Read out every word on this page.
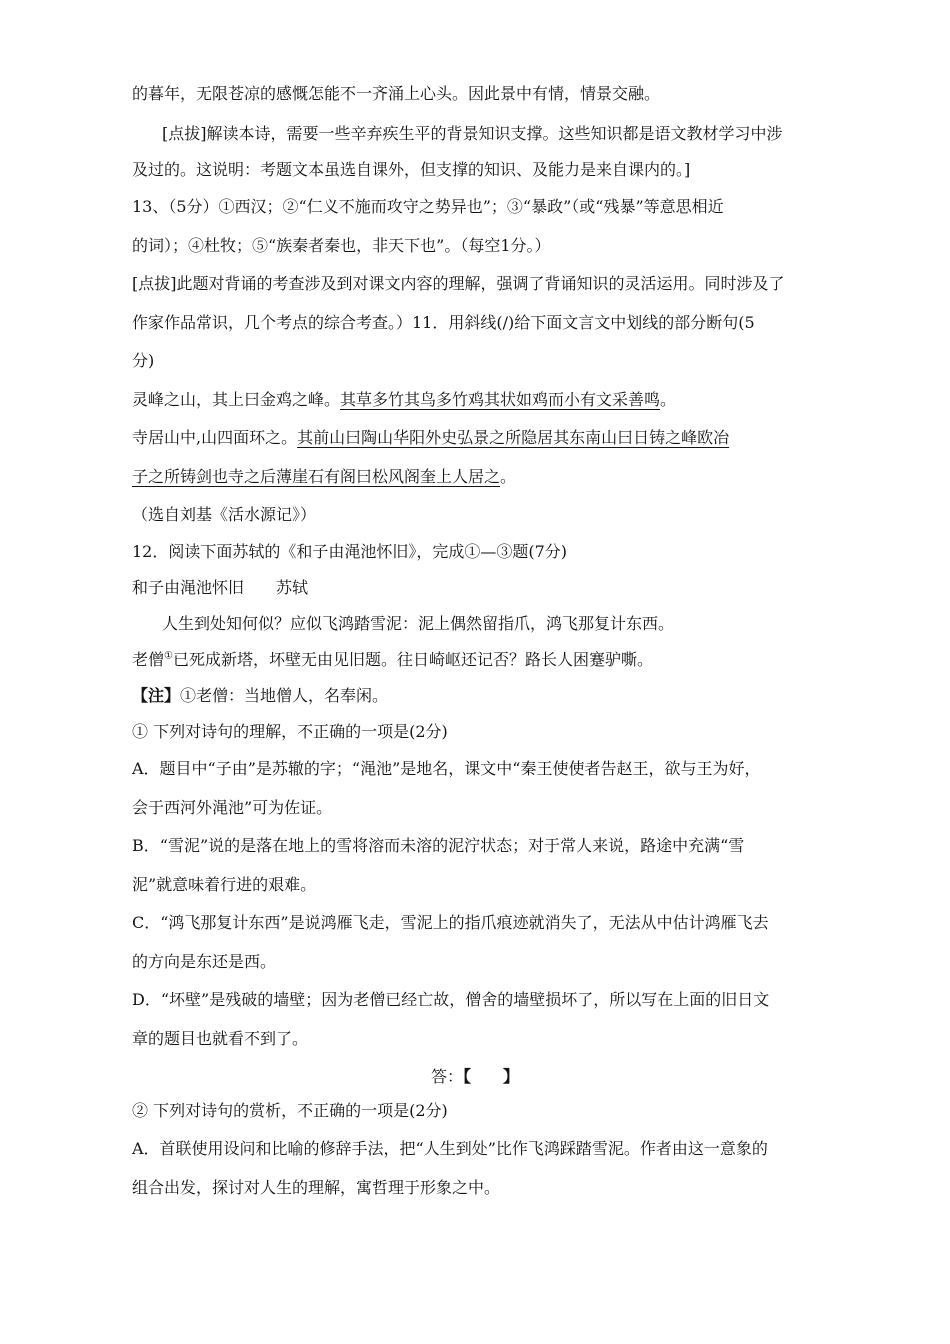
的暮年，无限苍凉的感慨怎能不一齐涌上心头。因此景中有情，情景交融。
[点拔]解读本诗，需要一些辛弃疾生平的背景知识支撑。这些知识都是语文教材学习中涉
及过的。这说明：考题文本虽选自课外，但支撑的知识、及能力是来自课内的。]
13、（5分）①西汉；②“仁义不施而攻守之势异也”；③“暴政”（或“残暴”等意思相近
的词）；④杜牧；⑤“族秦者秦也，非天下也”。（每空1分。）
[点拔]此题对背诵的考查涉及到对课文内容的理解，强调了背诵知识的灵活运用。同时涉及了
作家作品常识，几个考点的综合考查。）11．用斜线(/)给下面文言文中划线的部分断句(5
分)
灵峰之山，其上曰金鸡之峰。其草多竹其鸟多竹鸡其状如鸡而小有文采善鸣。
寺居山中,山四面环之。其前山曰陶山华阳外史弘景之所隐居其东南山曰日铸之峰欧冶
子之所铸剑也寺之后薄崖石有阁曰松风阁奎上人居之。
（选自刘基《活水源记》）
12．阅读下面苏轼的《和子由渑池怀旧》，完成①—③题(7分)
和子由渑池怀旧　　苏轼
人生到处知何似？应似飞鸿踏雪泥：泥上偶然留指爪，鸿飞那复计东西。
老僧①已死成新塔，坏壁无由见旧题。往日崎岖还记否？路长人困蹇驴嘶。
【注】①老僧：当地僧人，名奉闲。
① 下列对诗句的理解，不正确的一项是(2分)
A．题目中“子由”是苏辙的字；“渑池”是地名，课文中“秦王使使者告赵王，欲与王为好，
会于西河外渑池”可为佐证。
B．“雪泥”说的是落在地上的雪将溶而未溶的泥泞状态；对于常人来说，路途中充满“雪
泥”就意味着行进的艰难。
C．“鸿飞那复计东西”是说鸿雁飞走，雪泥上的指爪痕迹就消失了，无法从中估计鸿雁飞去
的方向是东还是西。
D．“坏壁”是残破的墙壁；因为老僧已经亡故，僧舍的墙壁损坏了，所以写在上面的旧日文
章的题目也就看不到了。
答：【　　】
② 下列对诗句的赏析，不正确的一项是(2分)
A．首联使用设问和比喻的修辞手法，把“人生到处”比作飞鸿踩踏雪泥。作者由这一意象的
组合出发，探讨对人生的理解，寓哲理于形象之中。
